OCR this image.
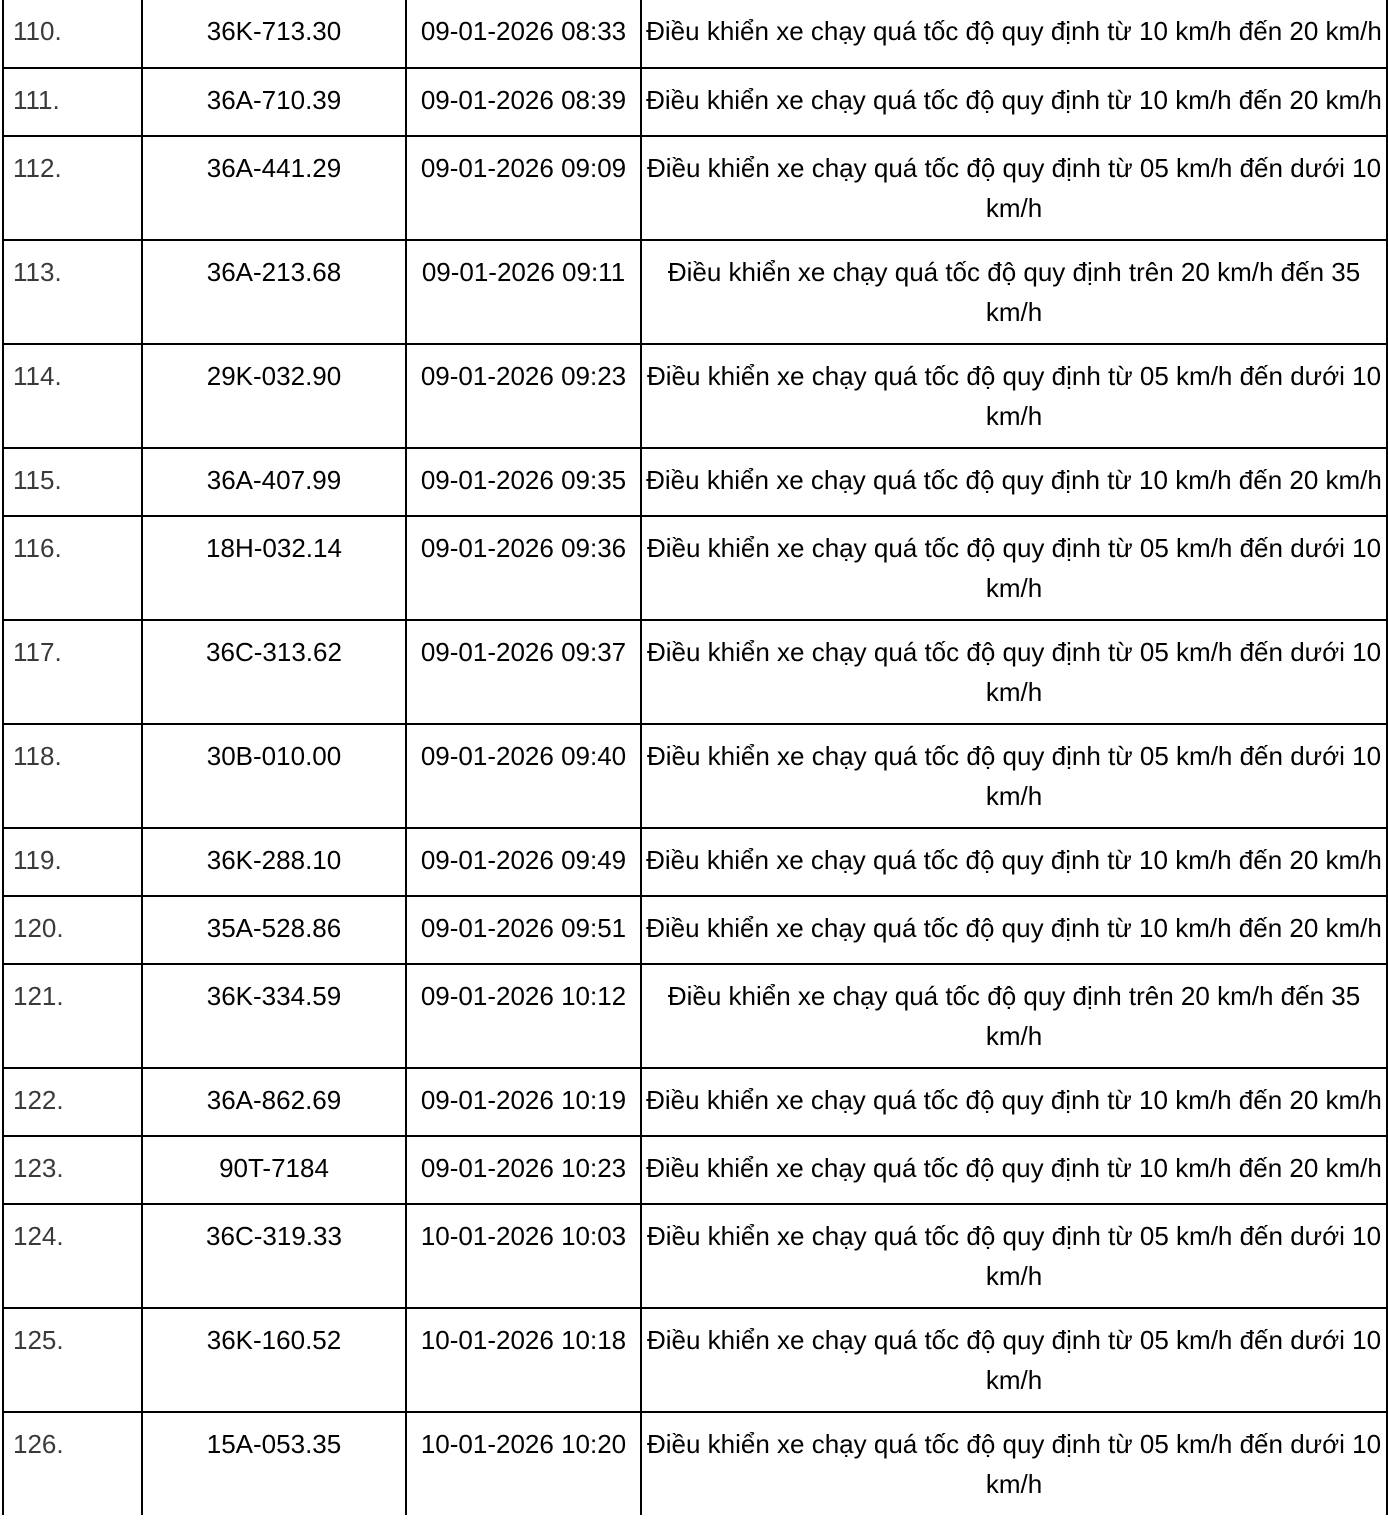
110.	36K-713.30	09-01-2026 08:33	Điều khiển xe chạy quá tốc độ quy định từ 10 km/h đến 20 km/h
111.	36A-710.39	09-01-2026 08:39	Điều khiển xe chạy quá tốc độ quy định từ 10 km/h đến 20 km/h
112.	36A-441.29	09-01-2026 09:09	Điều khiển xe chạy quá tốc độ quy định từ 05 km/h đến dưới 10 km/h
113.	36A-213.68	09-01-2026 09:11	Điều khiển xe chạy quá tốc độ quy định trên 20 km/h đến 35 km/h
114.	29K-032.90	09-01-2026 09:23	Điều khiển xe chạy quá tốc độ quy định từ 05 km/h đến dưới 10 km/h
115.	36A-407.99	09-01-2026 09:35	Điều khiển xe chạy quá tốc độ quy định từ 10 km/h đến 20 km/h
116.	18H-032.14	09-01-2026 09:36	Điều khiển xe chạy quá tốc độ quy định từ 05 km/h đến dưới 10 km/h
117.	36C-313.62	09-01-2026 09:37	Điều khiển xe chạy quá tốc độ quy định từ 05 km/h đến dưới 10 km/h
118.	30B-010.00	09-01-2026 09:40	Điều khiển xe chạy quá tốc độ quy định từ 05 km/h đến dưới 10 km/h
119.	36K-288.10	09-01-2026 09:49	Điều khiển xe chạy quá tốc độ quy định từ 10 km/h đến 20 km/h
120.	35A-528.86	09-01-2026 09:51	Điều khiển xe chạy quá tốc độ quy định từ 10 km/h đến 20 km/h
121.	36K-334.59	09-01-2026 10:12	Điều khiển xe chạy quá tốc độ quy định trên 20 km/h đến 35 km/h
122.	36A-862.69	09-01-2026 10:19	Điều khiển xe chạy quá tốc độ quy định từ 10 km/h đến 20 km/h
123.	90T-7184	09-01-2026 10:23	Điều khiển xe chạy quá tốc độ quy định từ 10 km/h đến 20 km/h
124.	36C-319.33	10-01-2026 10:03	Điều khiển xe chạy quá tốc độ quy định từ 05 km/h đến dưới 10 km/h
125.	36K-160.52	10-01-2026 10:18	Điều khiển xe chạy quá tốc độ quy định từ 05 km/h đến dưới 10 km/h
126.	15A-053.35	10-01-2026 10:20	Điều khiển xe chạy quá tốc độ quy định từ 05 km/h đến dưới 10 km/h
